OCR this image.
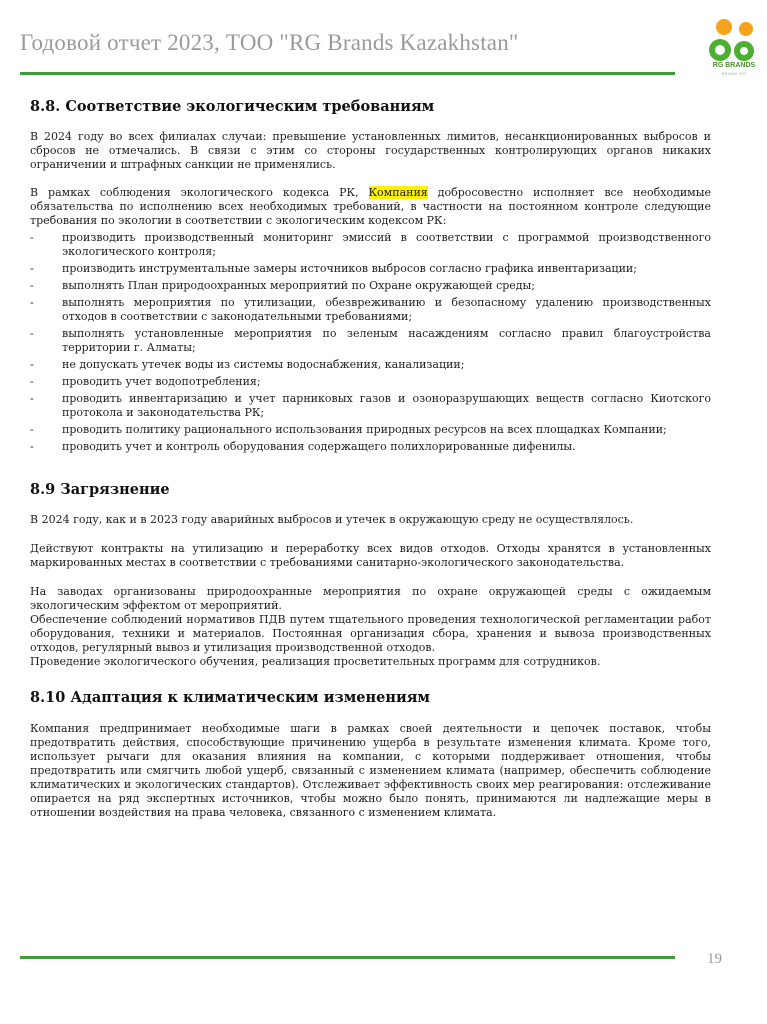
Годовой отчет 2023, ТОО "RG Brands Kazakhstan"
RG BRANDS
BRAND RG
8.8. Соответствие экологическим требованиям

В 2024 году во всех филиалах случаи: превышение установленных лимитов, несанкционированных выбросов и сбросов не отмечались. В связи с этим со стороны государственных контролирующих органов никаких ограничении и штрафных санкции не применялись.

В рамках соблюдения экологического кодекса РК, Компания добросовестно исполняет все необходимые обязательства по исполнению всех необходимых требований, в частности на постоянном контроле следующие требования по экологии в соответствии с экологическим кодексом РК:

-	производить производственный мониторинг эмиссий в соответствии с программой производственного экологического контроля;
-	производить инструментальные замеры источников выбросов согласно графика инвентаризации;
-	выполнять План природоохранных мероприятий по Охране окружающей среды;
-	выполнять мероприятия по утилизации, обезвреживанию и безопасному удалению производственных отходов в соответствии с законодательными требованиями;
-	выполнять установленные мероприятия по зеленым насаждениям согласно правил благоустройства территории г. Алматы;
-	не допускать утечек воды из системы водоснабжения, канализации;
-	проводить учет водопотребления;
-	проводить инвентаризацию и учет парниковых газов и озоноразрушающих веществ согласно Киотского протокола и законодательства РК;
-	проводить политику рационального использования природных ресурсов на всех площадках Компании;
-	проводить учет и контроль оборудования содержащего полихлорированные дифенилы.
8.9 Загрязнение

В 2024 году, как и в 2023 году аварийных выбросов и утечек в окружающую среду не осуществлялось.

Действуют контракты на утилизацию и переработку всех видов отходов. Отходы хранятся в установленных маркированных местах в соответствии с требованиями санитарно-экологического законодательства.

На заводах организованы природоохранные мероприятия по охране окружающей среды с ожидаемым экологическим эффектом от мероприятий.

Обеспечение соблюдений нормативов ПДВ путем тщательного проведения технологической регламентации работ оборудования, техники и материалов. Постоянная организация сбора, хранения и вывоза производственных отходов, регулярный вывоз и утилизация производственной отходов.

Проведение экологического обучения, реализация просветительных программ для сотрудников.

8.10 Адаптация к климатическим изменениям

Компания предпринимает необходимые шаги в рамках своей деятельности и цепочек поставок, чтобы предотвратить действия, способствующие причинению ущерба в результате изменения климата. Кроме того, использует рычаги для оказания влияния на компании, с которыми поддерживает отношения, чтобы предотвратить или смягчить любой ущерб, связанный с изменением климата (например, обеспечить соблюдение климатических и экологических стандартов). Отслеживает эффективность своих мер реагирования: отслеживание опирается на ряд экспертных источников, чтобы можно было понять, принимаются ли надлежащие меры в отношении воздействия на права человека, связанного с изменением климата.

19
